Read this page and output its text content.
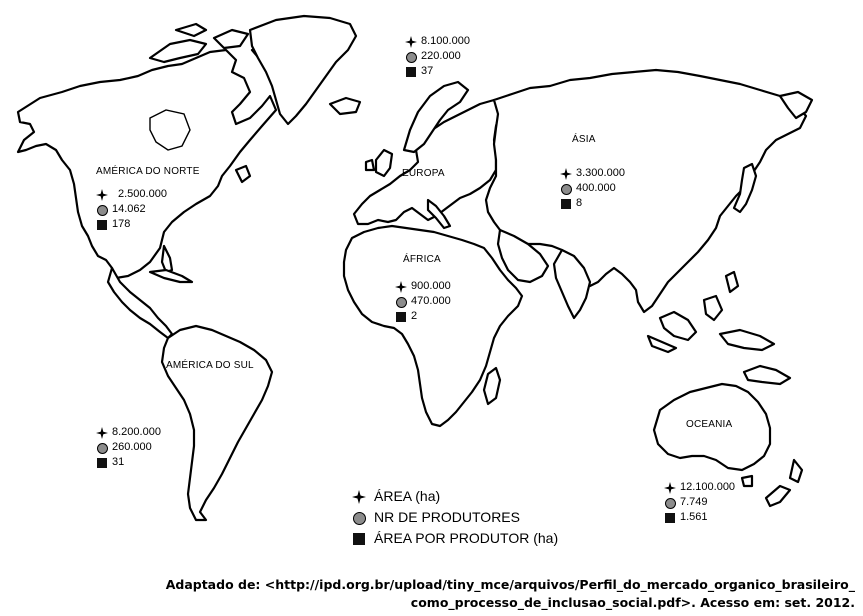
AMÉRICA DO NORTE
AMÉRICA DO SUL
EUROPA
ÁFRICA
ÁSIA
OCEANIA
2.500.000
14.062
178
8.200.000
260.000
31
8.100.000
220.000
37
900.000
470.000
2
3.300.000
400.000
8
12.100.000
7.749
1.561
ÁREA (ha)
NR DE PRODUTORES
ÁREA POR PRODUTOR (ha)
Adaptado de: <http://ipd.org.br/upload/tiny_mce/arquivos/Perfil_do_mercado_organico_brasileiro_
como_processo_de_inclusao_social.pdf>. Acesso em: set. 2012.
